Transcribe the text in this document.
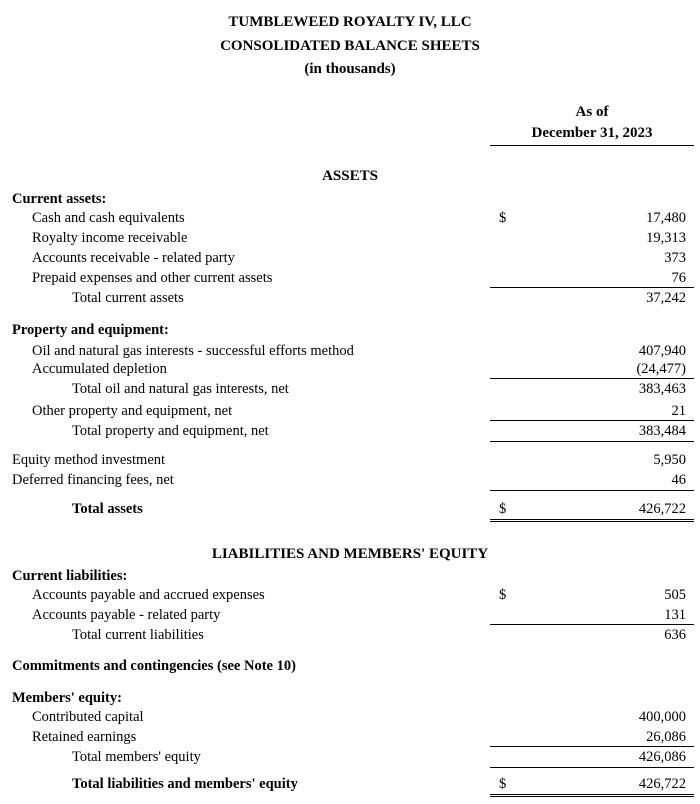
TUMBLEWEED ROYALTY IV, LLC
CONSOLIDATED BALANCE SHEETS
(in thousands)
As of
December 31, 2023
ASSETS
Current assets:
Cash and cash equivalents	$	17,480
Royalty income receivable	19,313
Accounts receivable - related party	373
Prepaid expenses and other current assets	76
Total current assets	37,242
Property and equipment:
Oil and natural gas interests - successful efforts method	407,940
Accumulated depletion	(24,477)
Total oil and natural gas interests, net	383,463
Other property and equipment, net	21
Total property and equipment, net	383,484
Equity method investment	5,950
Deferred financing fees, net	46
Total assets	$	426,722
LIABILITIES AND MEMBERS' EQUITY
Current liabilities:
Accounts payable and accrued expenses	$	505
Accounts payable - related party	131
Total current liabilities	636
Commitments and contingencies (see Note 10)
Members' equity:
Contributed capital	400,000
Retained earnings	26,086
Total members' equity	426,086
Total liabilities and members' equity	$	426,722
